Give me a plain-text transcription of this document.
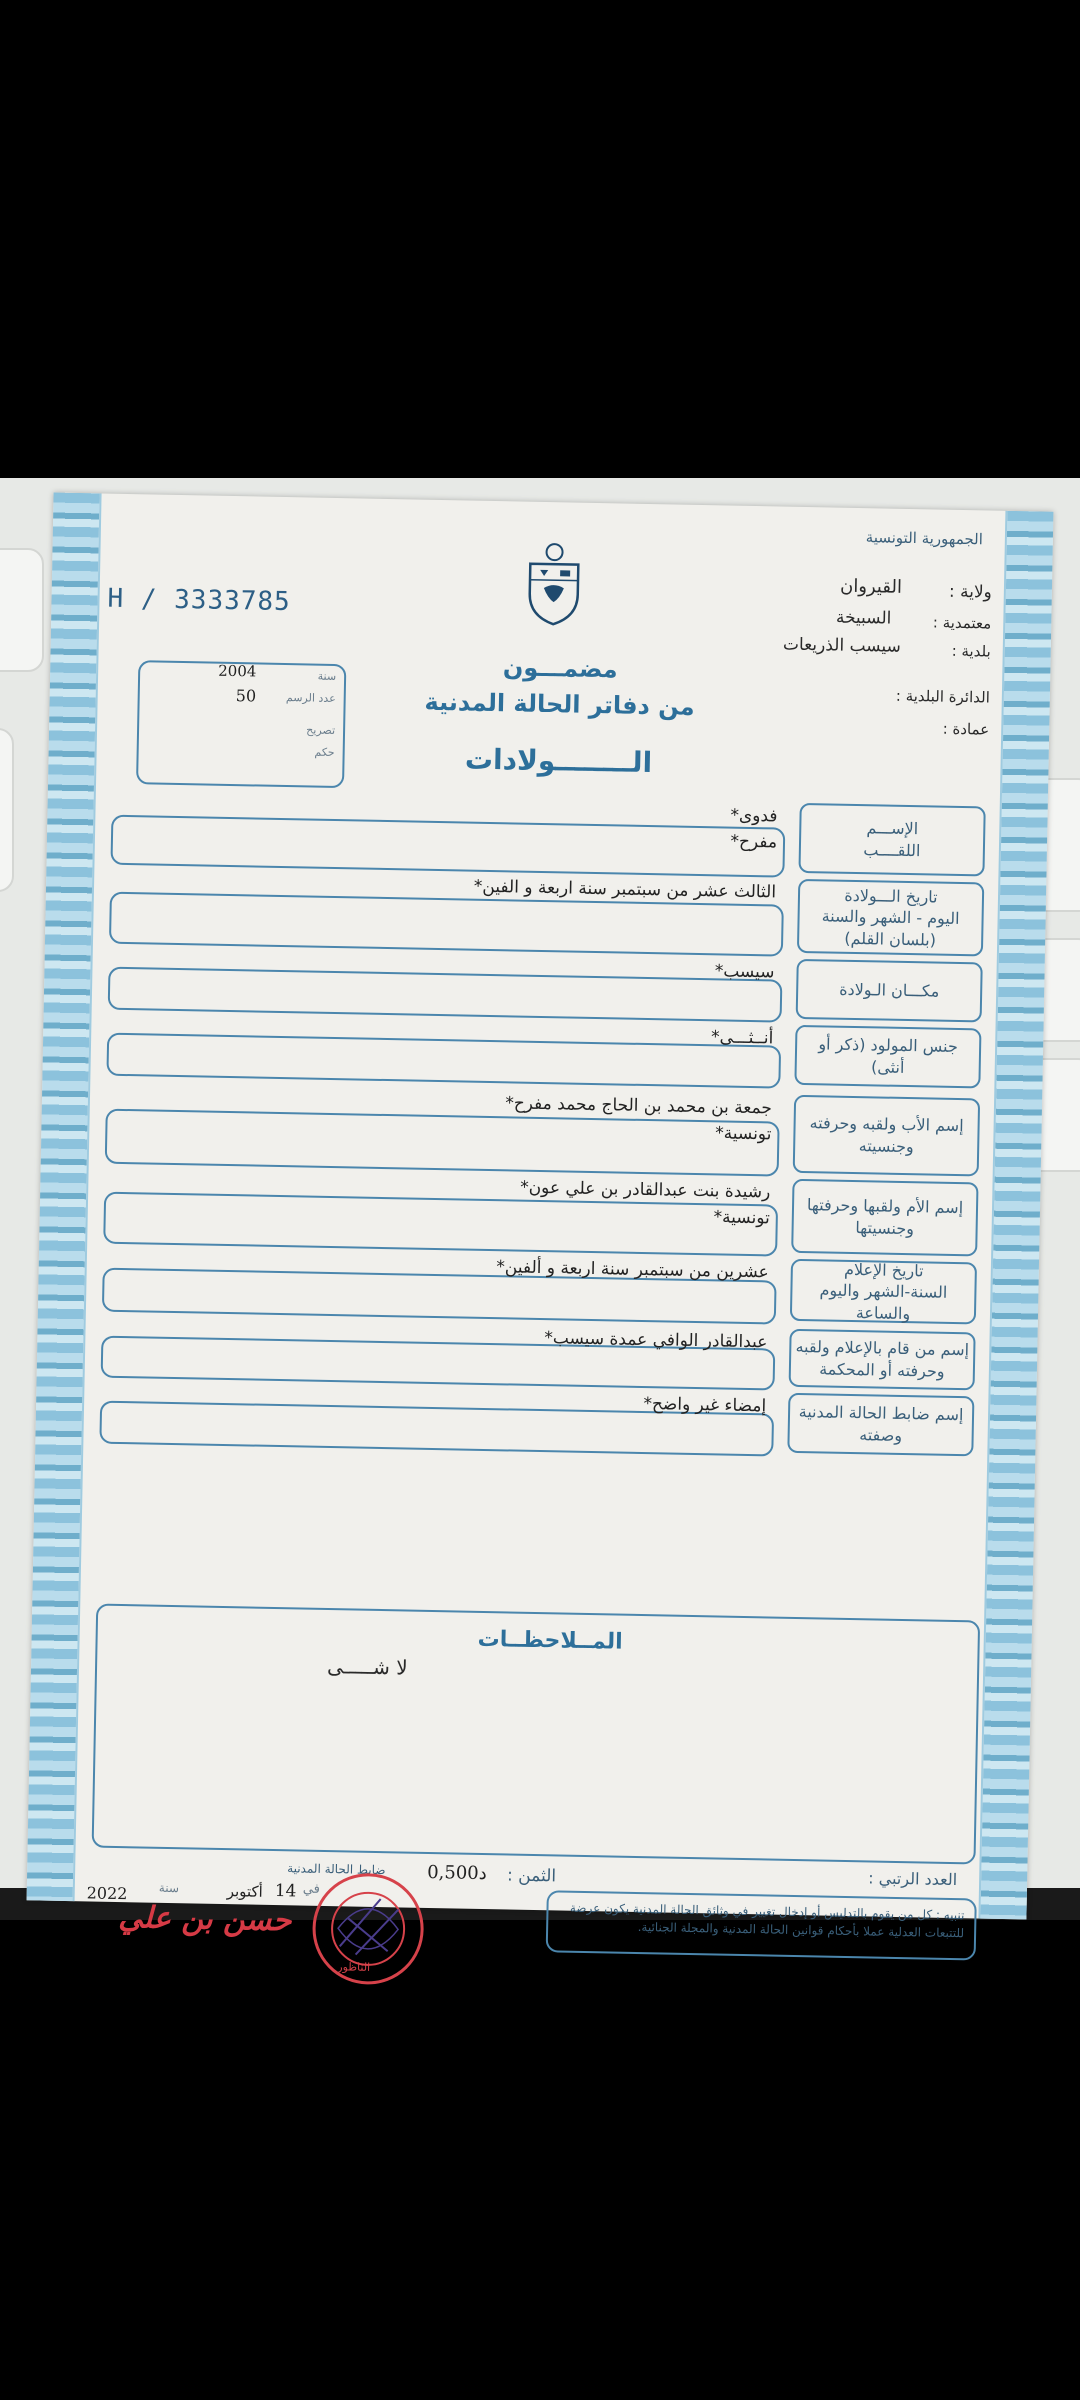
الجمهورية التونسية
ولاية :
القيروان
معتمدية :
السبيخة
بلدية :
سيسب الذريعات
الدائرة البلدية :
عمادة :
H / 3333785
2004
50
سنة
عدد الرسم
تصريح
حكم
مضمـــون
من دفاتر الحالة المدنية
الــــــــولادات
الإســـم
اللقــــب
فدوى*
مفرح*
تاريخ الـــولادة
اليوم - الشهر والسنة
(بلسان القلم)
الثالث عشر من سبتمبر سنة اربعة و الفين*
مكـــان الـولادة
سيسب*
جنس المولود (ذكر أو أنثى)
أنــثـــى*
إسم الأب ولقبه وحرفته
وجنسيته
جمعة بن محمد بن الحاج محمد مفرح*
تونسية*
إسم الأم ولقبها وحرفتها
وجنسيتها
رشيدة بنت عبدالقادر بن علي عون*
تونسية*
تاريخ الإعلام
السنة-الشهر واليوم والساعة
عشرين من سبتمبر سنة اربعة و ألفين*
إسم من قام بالإعلام ولقبه
وحرفته أو المحكمة
عبدالقادر الوافي عمدة سيسب*
إسم ضابط الحالة المدنية
وصفته
إمضاء غير واضح*
المــلاحظــات
لا شـــــى
العدد الرتبي :
الثمن :
0,500د
2022	سنة	14
أكتوبر	في
ضابط الحالة المدنية
حسن بن علي
الناظور
تنبيه : كل من يقوم بالتدليس أو إدخال تغيير في وثائق الحالة المدنية يكون عرضة للتتبعات العدلية عملا بأحكام قوانين الحالة المدنية والمجلة الجنائية.
